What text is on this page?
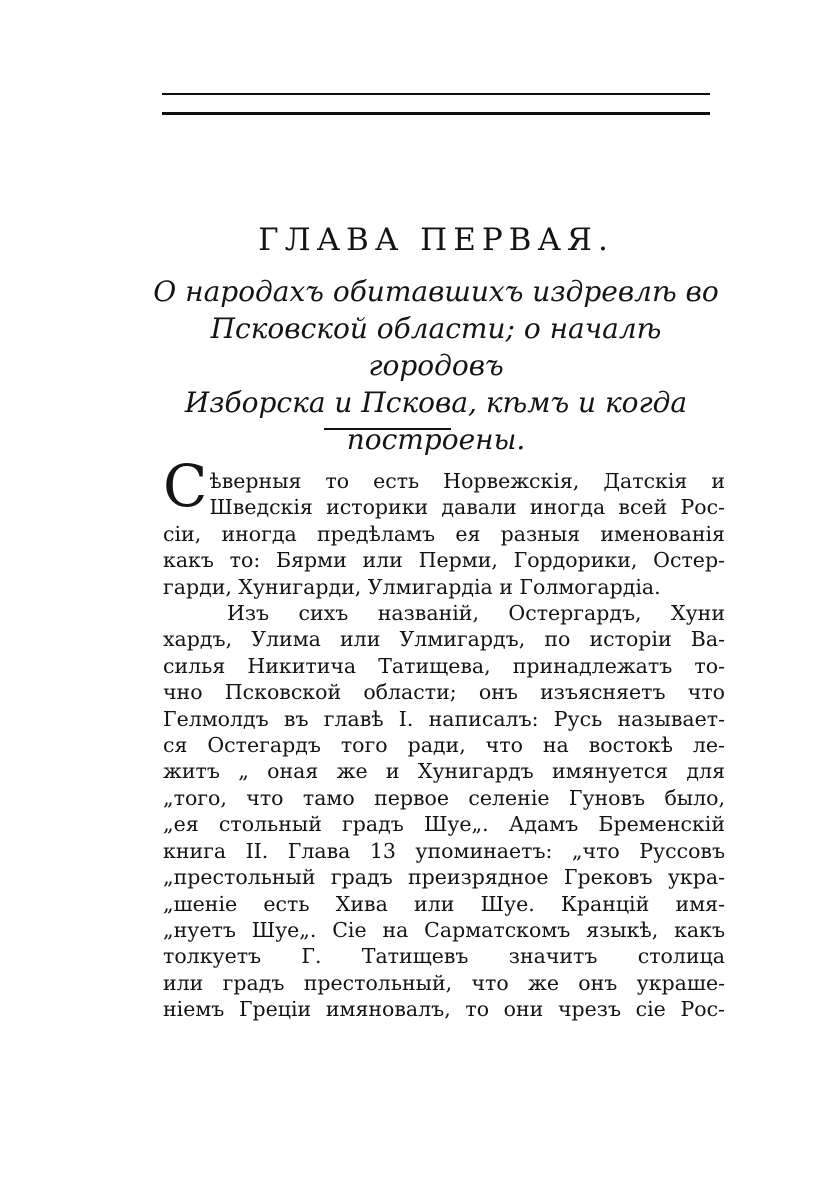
ГЛАВА ПЕРВАЯ.
О народахъ обитавшихъ издревлѣ во
Псковской области; о началѣ городовъ
Изборска и Пскова, кѣмъ и когда
построены.
С ѣверныя то есть Норвежскія, Датскія и
Шведскія историки давали иногда всей Рос-
сіи, иногда предѣламъ ея разныя именованія
какъ то: Бярми или Перми, Гордорики, Остер-
гарди, Хунигарди, Улмигардіа и Голмогардіа.
Изъ сихъ названій, Остергардъ, Хуни
хардъ, Улима или Улмигардъ, по исторіи Ва-
силья Никитича Татищева, принадлежатъ то-
чно Псковской области; онъ изъясняетъ что
Гелмолдъ въ главѣ I. написалъ: Русь называет-
ся Остегардъ того ради, что на востокѣ ле-
житъ „ оная же и Хунигардъ имянуется для
„того, что тамо первое селеніе Гуновъ было,
„ея стольный градъ Шуе„. Адамъ Бременскій
книга II. Глава 13 упоминаетъ: „что Руссовъ
„престольный градъ преизрядное Грековъ укра-
„шеніе есть Хива или Шуе. Кранцій имя-
„нуетъ Шуе„. Сіе на Сарматскомъ языкѣ, какъ
толкуетъ Г. Татищевъ значитъ столица
или градъ престольный, что же онъ украше-
ніемъ Греціи имяновалъ, то они чрезъ сіе Рос-
